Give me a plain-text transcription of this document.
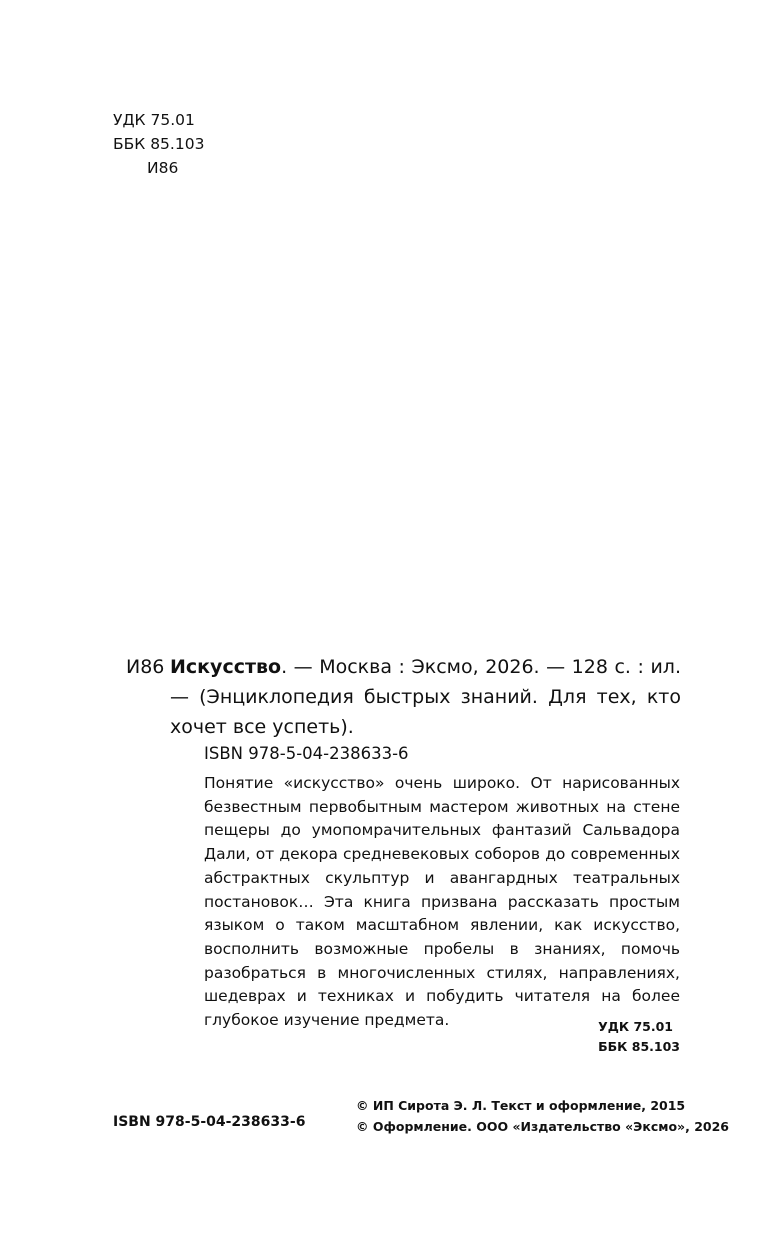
УДК 75.01
ББК 85.103
И86
И86 Искусство. — Москва : Эксмо, 2026. — 128 с. : ил. — (Энциклопедия быстрых знаний. Для тех, кто хочет все успеть).
ISBN 978-5-04-238633-6
Понятие «искусство» очень широко. От нарисованных безвестным первобытным мастером животных на стене пещеры до умопомрачительных фантазий Сальвадора Дали, от декора средневековых соборов до современных абстрактных скульптур и авангардных театральных постановок… Эта книга призвана рассказать простым языком о таком масштабном явлении, как искусство, восполнить возможные пробелы в знаниях, помочь разобраться в многочисленных стилях, направлениях, шедеврах и техниках и побудить читателя на более глубокое изучение предмета.	УДК 75.01
ББК 85.103
ISBN 978-5-04-238633-6
© ИП Сирота Э. Л. Текст и оформление, 2015
© Оформление. ООО «Издательство «Эксмо», 2026
